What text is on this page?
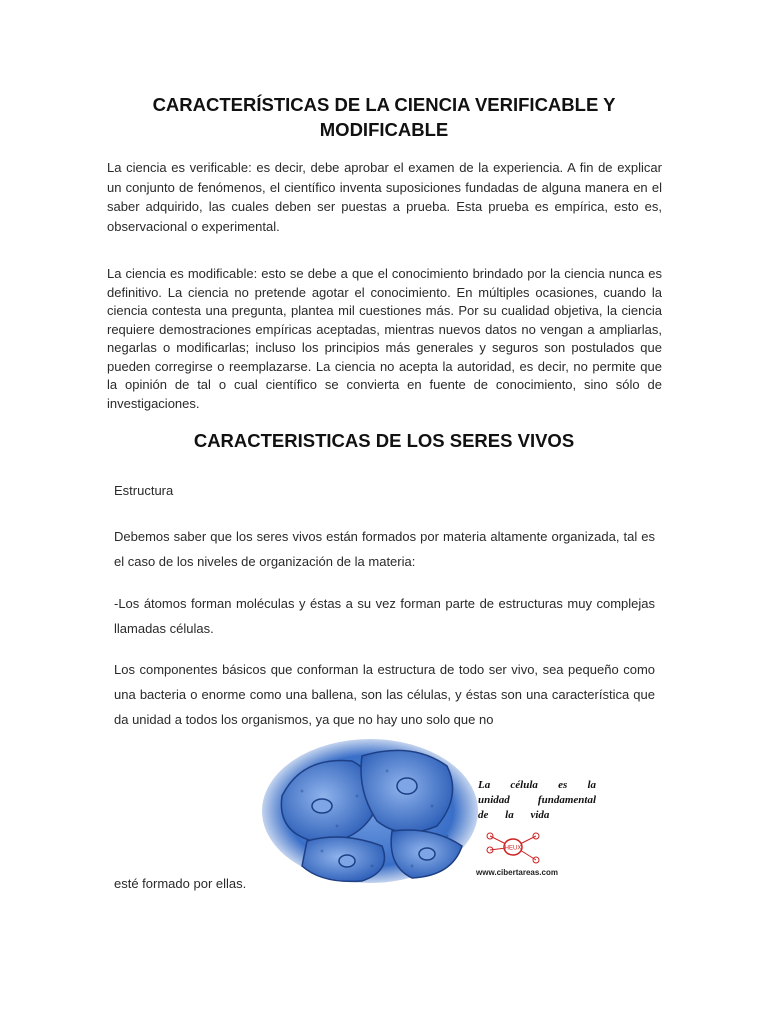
CARACTERÍSTICAS DE LA CIENCIA VERIFICABLE Y
MODIFICABLE
La ciencia es verificable: es decir, debe aprobar el examen de la experiencia. A fin de explicar un conjunto de fenómenos, el científico inventa suposiciones fundadas de alguna manera en el saber adquirido, las cuales deben ser puestas a prueba. Esta prueba es empírica, esto es, observacional o experimental.
La ciencia es modificable: esto se debe a que el conocimiento brindado por la ciencia nunca es definitivo. La ciencia no pretende agotar el conocimiento. En múltiples ocasiones, cuando la ciencia contesta una pregunta, plantea mil cuestiones más. Por su cualidad objetiva, la ciencia requiere demostraciones empíricas aceptadas, mientras nuevos datos no vengan a ampliarlas, negarlas o modificarlas; incluso los principios más generales y seguros son postulados que pueden corregirse o reemplazarse. La ciencia no acepta la autoridad, es decir, no permite que la opinión de tal o cual científico se convierta en fuente de conocimiento, sino sólo de investigaciones.
CARACTERISTICAS DE LOS SERES VIVOS
Estructura
Debemos saber que los seres vivos están formados por materia altamente organizada, tal es el caso de los niveles de organización de la materia:
-Los átomos forman moléculas y éstas a su vez forman parte de estructuras muy complejas llamadas células.
Los componentes básicos que conforman la estructura de todo ser vivo, sea pequeño como una bacteria o enorme como una ballena, son las células, y éstas son una característica que da unidad a todos los organismos, ya que no hay uno solo que no
La célula es la
unidad fundamental
de la vida
HEUX
www.cibertareas.com
esté formado por ellas.
